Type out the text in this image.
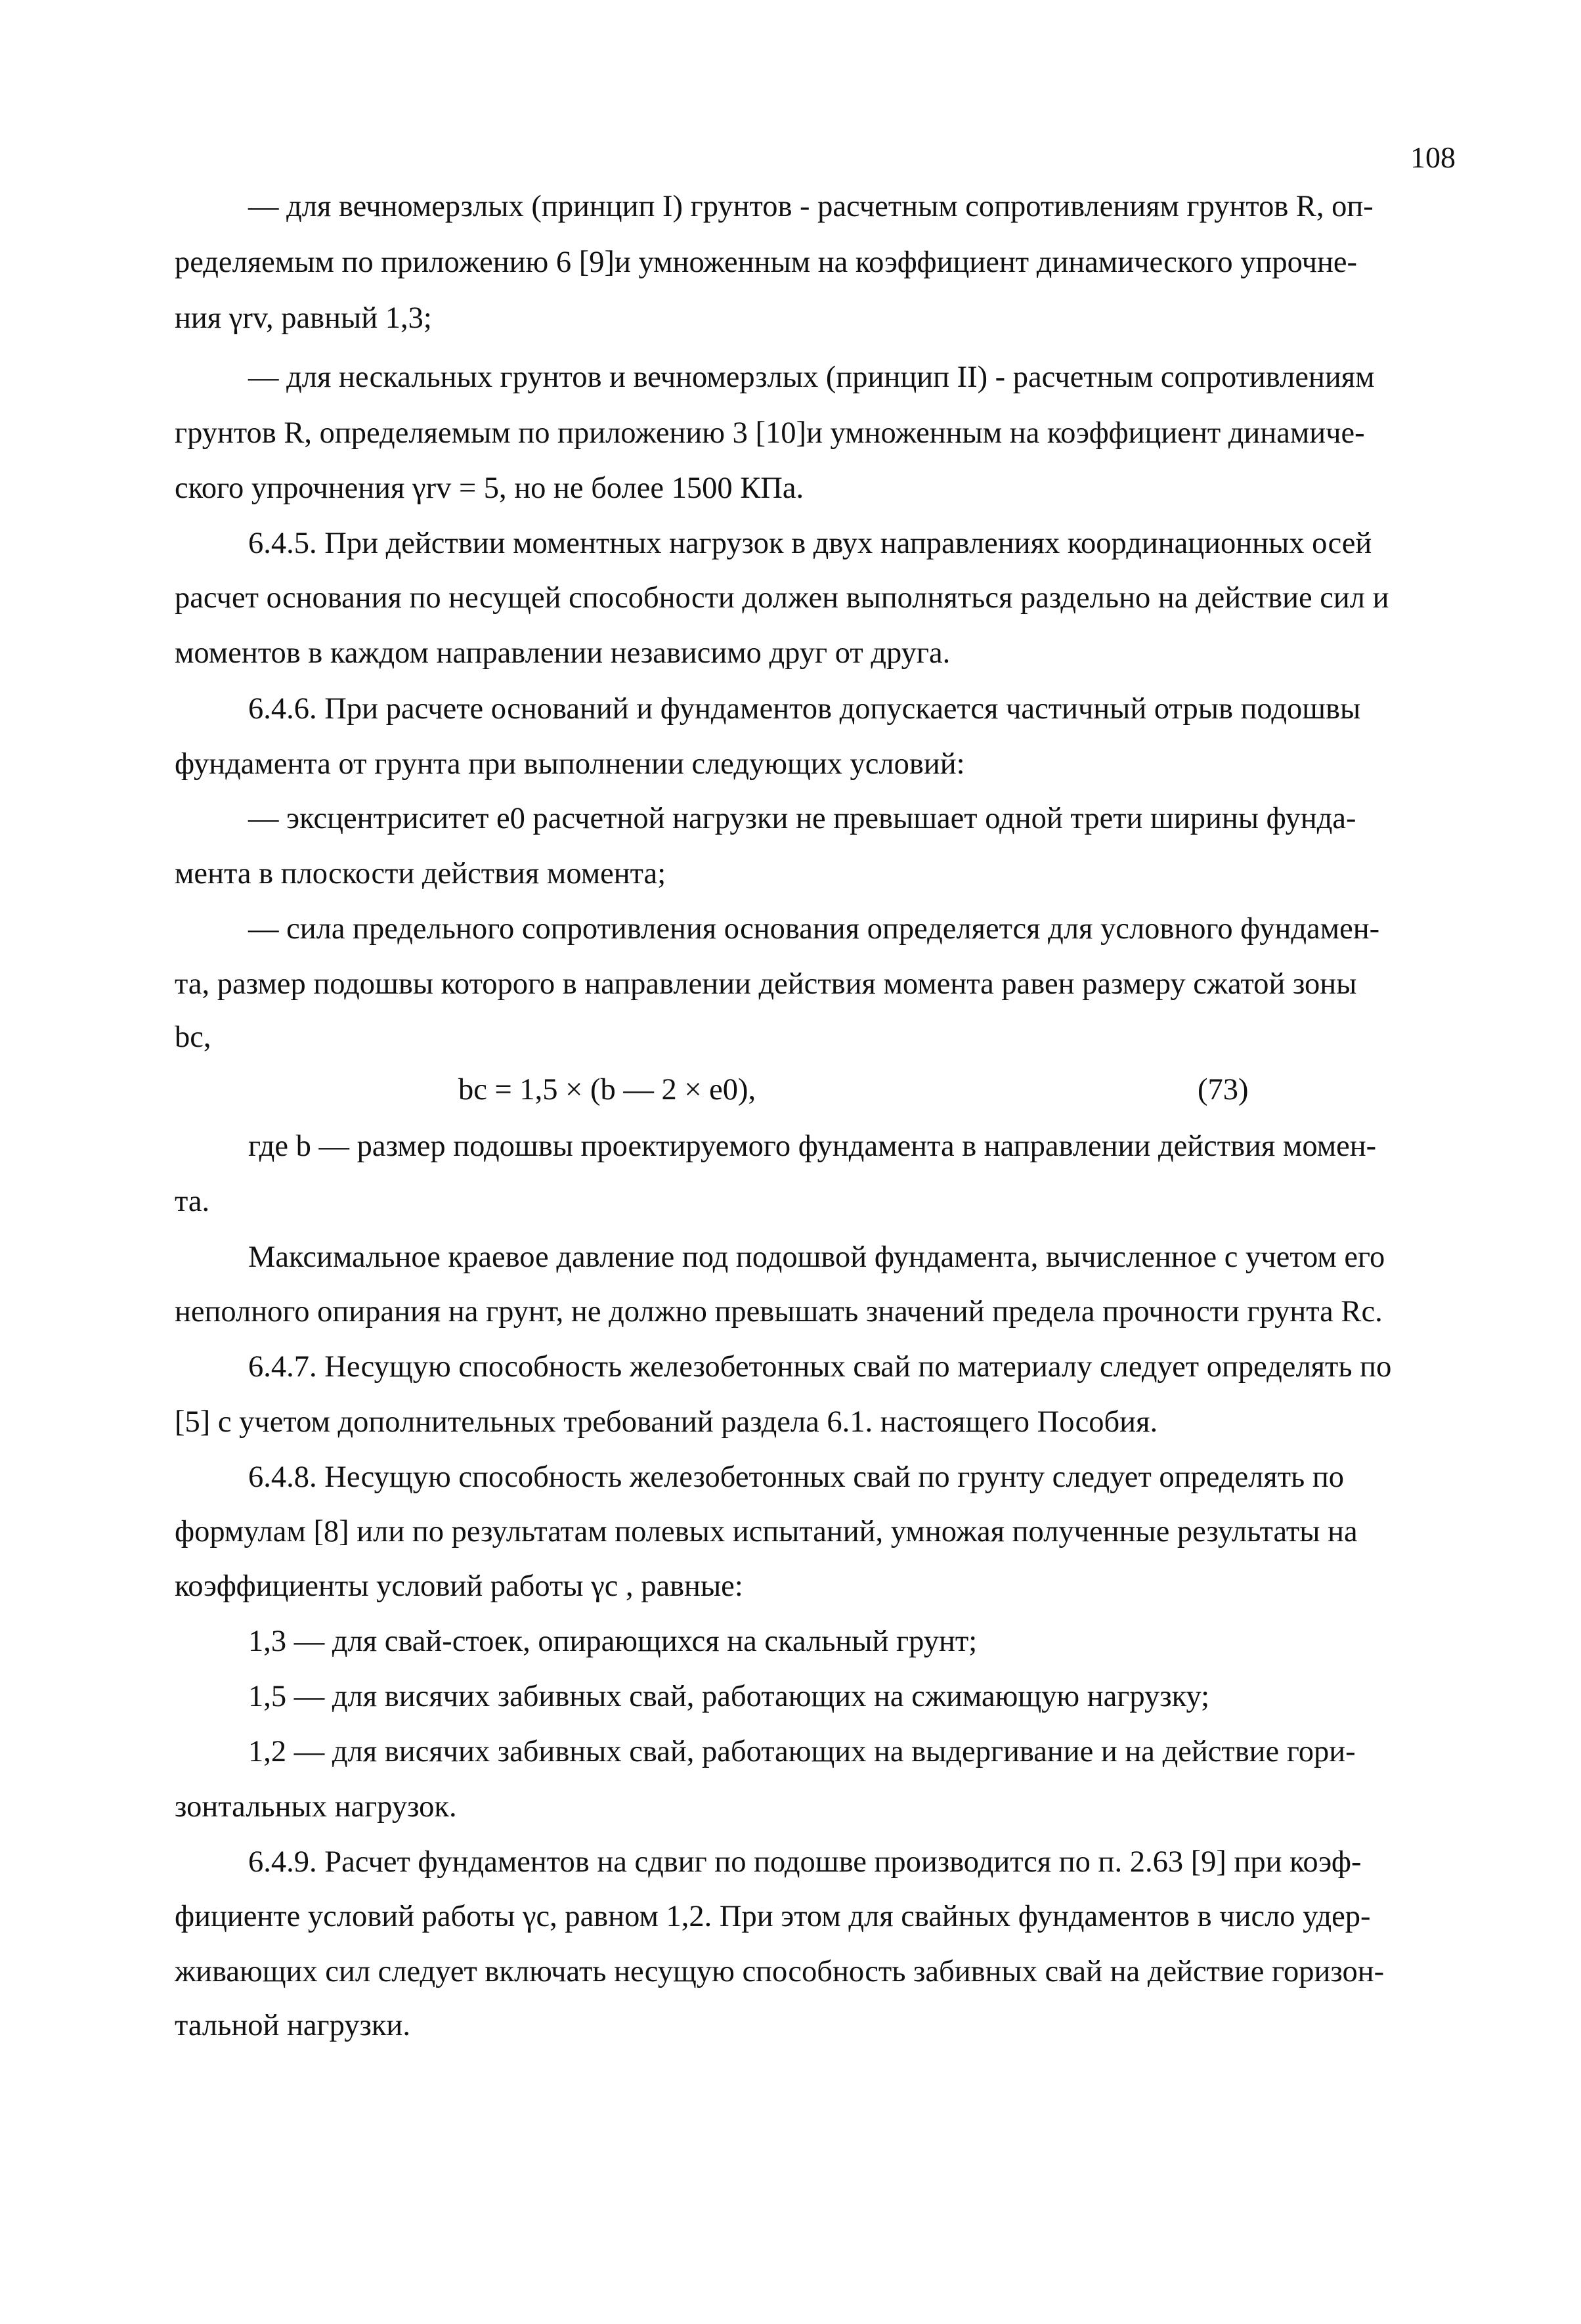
108
— для вечномерзлых (принцип I) грунтов - расчетным сопротивлениям грунтов R, оп-
ределяемым по приложению 6 [9]и умноженным на коэффициент динамического упрочне-
ния γrv, равный 1,3;
— для нескальных грунтов и вечномерзлых (принцип II) - расчетным сопротивлениям
грунтов R, определяемым по приложению 3 [10]и умноженным на коэффициент динамиче-
ского упрочнения γrv = 5, но не более 1500 КПа.
6.4.5. При действии моментных нагрузок в двух направлениях координационных осей
расчет основания по несущей способности должен выполняться раздельно на действие сил и
моментов в каждом направлении независимо друг от друга.
6.4.6. При расчете оснований и фундаментов допускается частичный отрыв подошвы
фундамента от грунта при выполнении следующих условий:
— эксцентриситет е0 расчетной нагрузки не превышает одной трети ширины фунда-
мента в плоскости действия момента;
— сила предельного сопротивления основания определяется для условного фундамен-
та, размер подошвы которого в направлении действия момента равен размеру сжатой зоны
bc,
bc = 1,5 × (b — 2 × e0),	(73)
где b — размер подошвы проектируемого фундамента в направлении действия момен-
та.
Максимальное краевое давление под подошвой фундамента, вычисленное с учетом его
неполного опирания на грунт, не должно превышать значений предела прочности грунта Rc.
6.4.7. Несущую способность железобетонных свай по материалу следует определять по
[5] с учетом дополнительных требований раздела 6.1. настоящего Пособия.
6.4.8. Несущую способность железобетонных свай по грунту следует определять по
формулам [8] или по результатам полевых испытаний, умножая полученные результаты на
коэффициенты условий работы γc , равные:
1,3 — для свай-стоек, опирающихся на скальный грунт;
1,5 — для висячих забивных свай, работающих на сжимающую нагрузку;
1,2 — для висячих забивных свай, работающих на выдергивание и на действие гори-
зонтальных нагрузок.
6.4.9. Расчет фундаментов на сдвиг по подошве производится по п. 2.63 [9] при коэф-
фициенте условий работы γc, равном 1,2. При этом для свайных фундаментов в число удер-
живающих сил следует включать несущую способность забивных свай на действие горизон-
тальной нагрузки.
